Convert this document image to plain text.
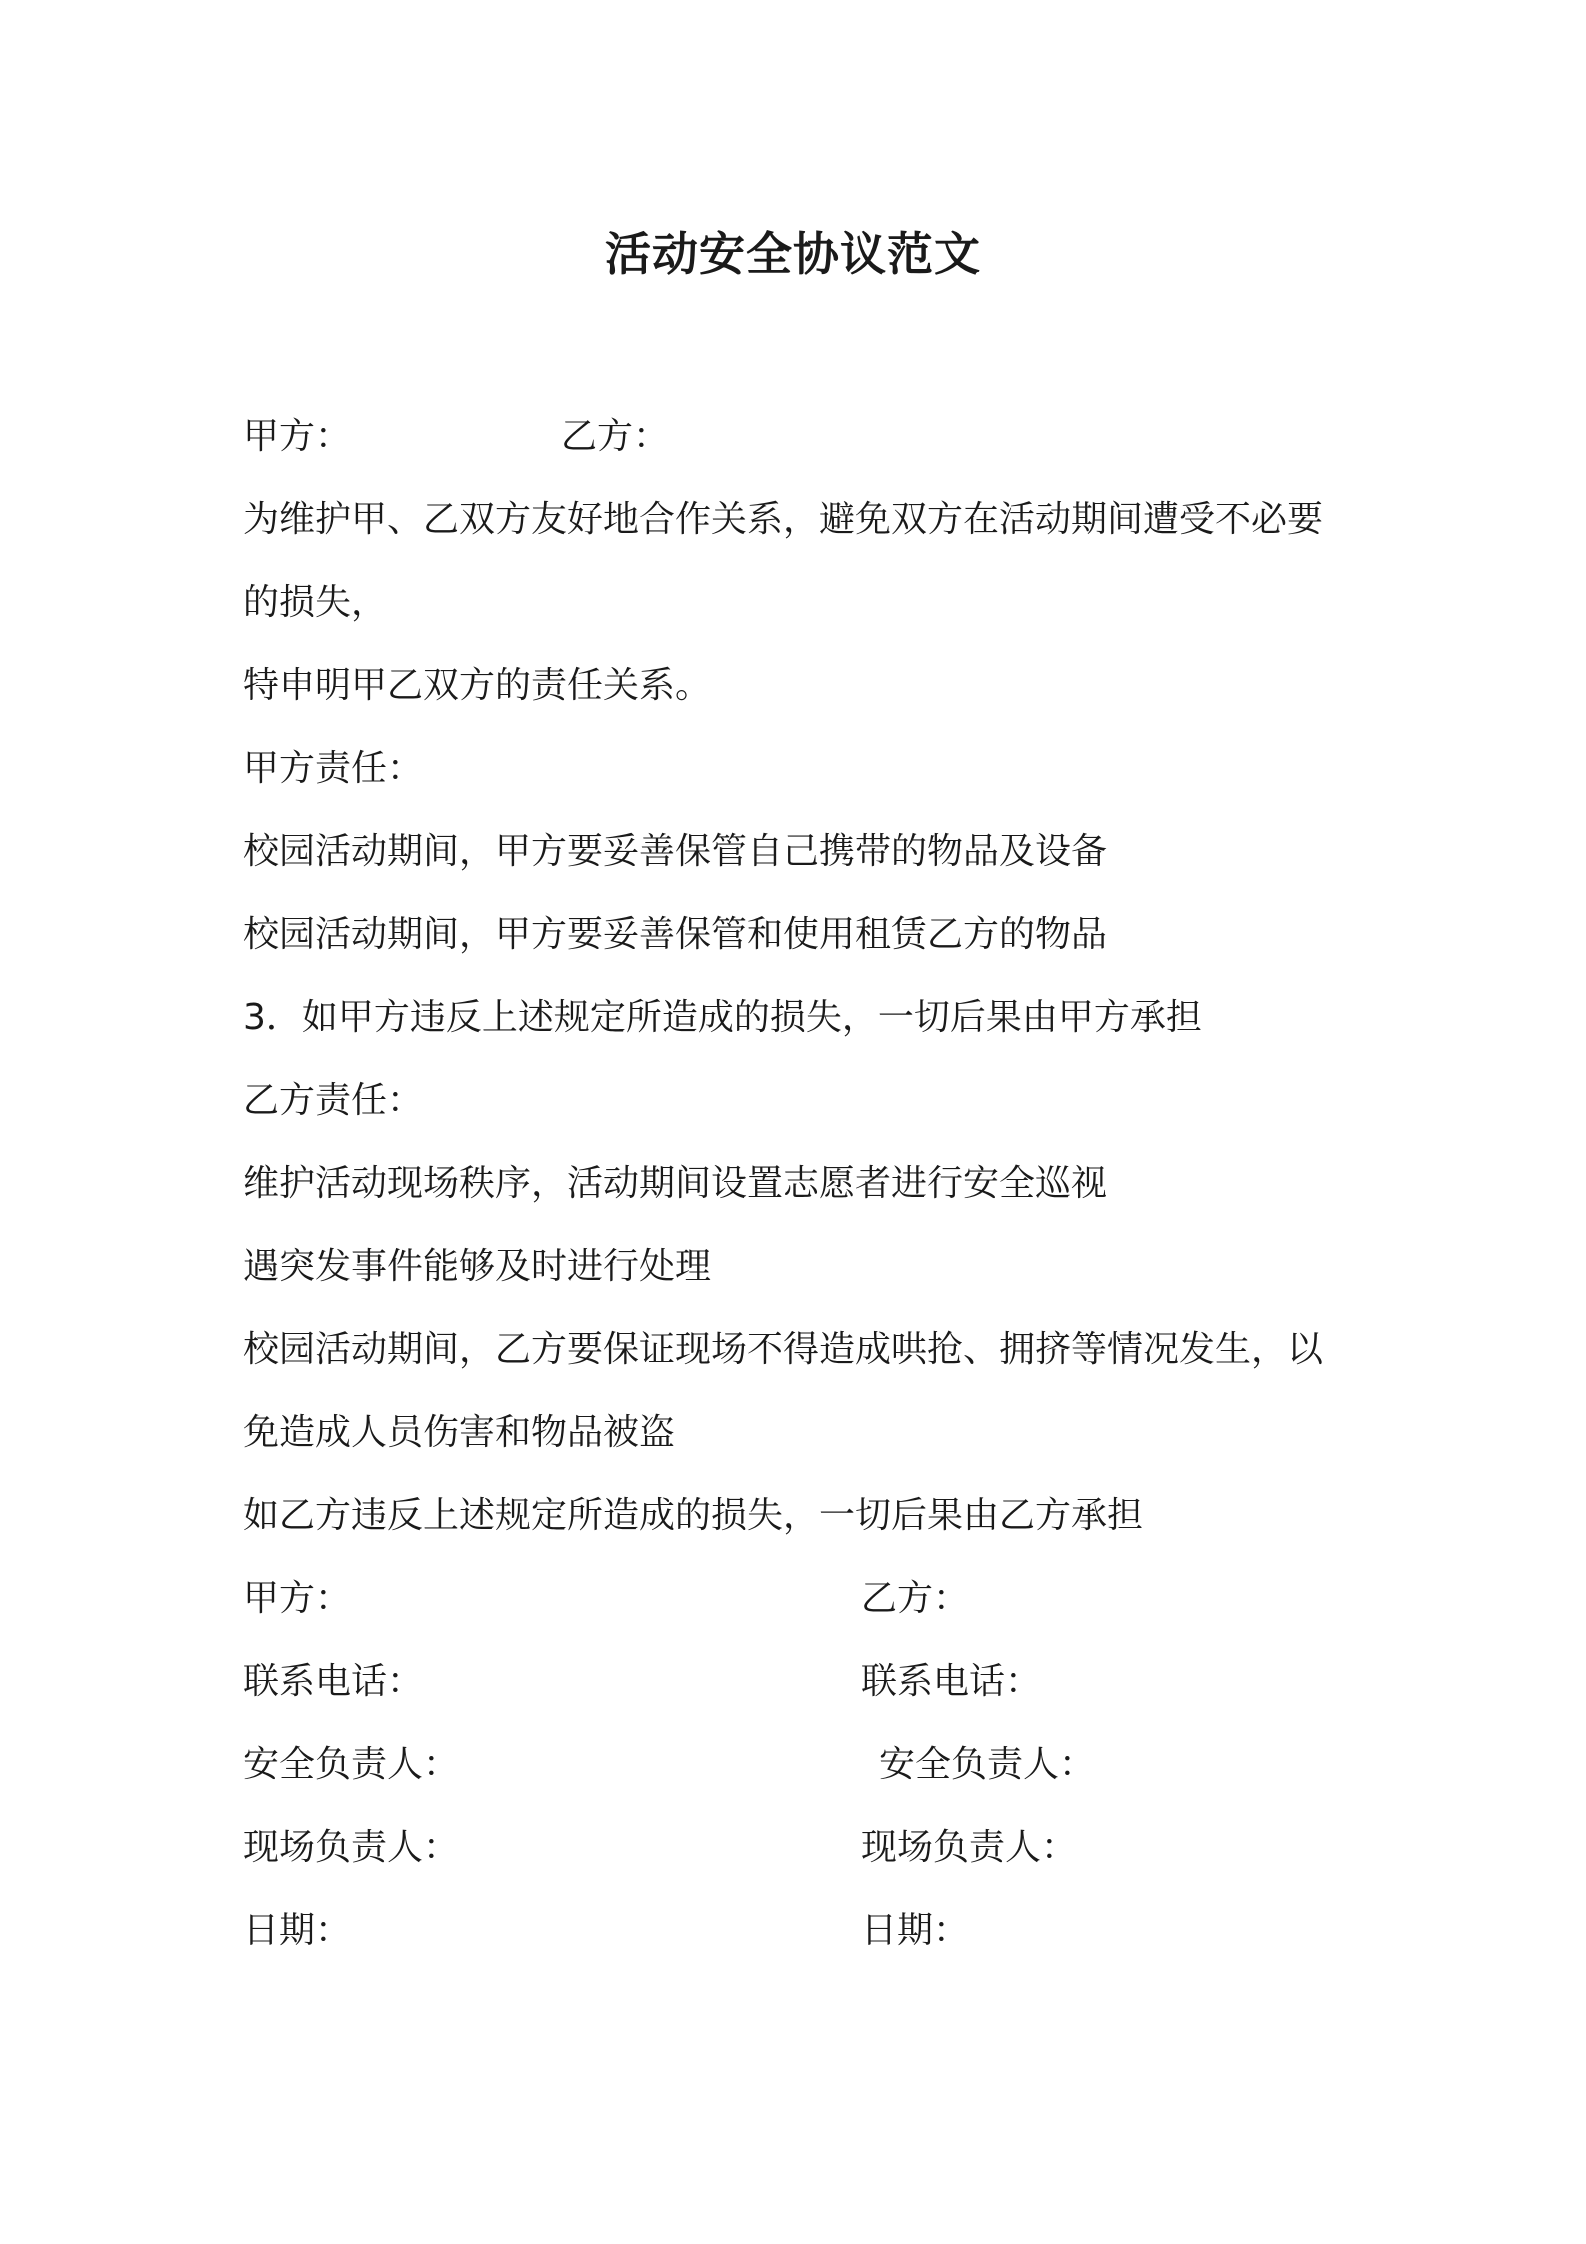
活动安全协议范文
甲方：	乙方：
为维护甲、乙双方友好地合作关系，避免双方在活动期间遭受不必要
的损失，
特申明甲乙双方的责任关系。
甲方责任：
校园活动期间，甲方要妥善保管自己携带的物品及设备
校园活动期间，甲方要妥善保管和使用租赁乙方的物品
3．如甲方违反上述规定所造成的损失，一切后果由甲方承担
乙方责任：
维护活动现场秩序，活动期间设置志愿者进行安全巡视
遇突发事件能够及时进行处理
校园活动期间，乙方要保证现场不得造成哄抢、拥挤等情况发生，以
免造成人员伤害和物品被盗
如乙方违反上述规定所造成的损失，一切后果由乙方承担
甲方：	乙方：
联系电话：	联系电话：
安全负责人：	安全负责人：
现场负责人：	现场负责人：
日期：	日期：
